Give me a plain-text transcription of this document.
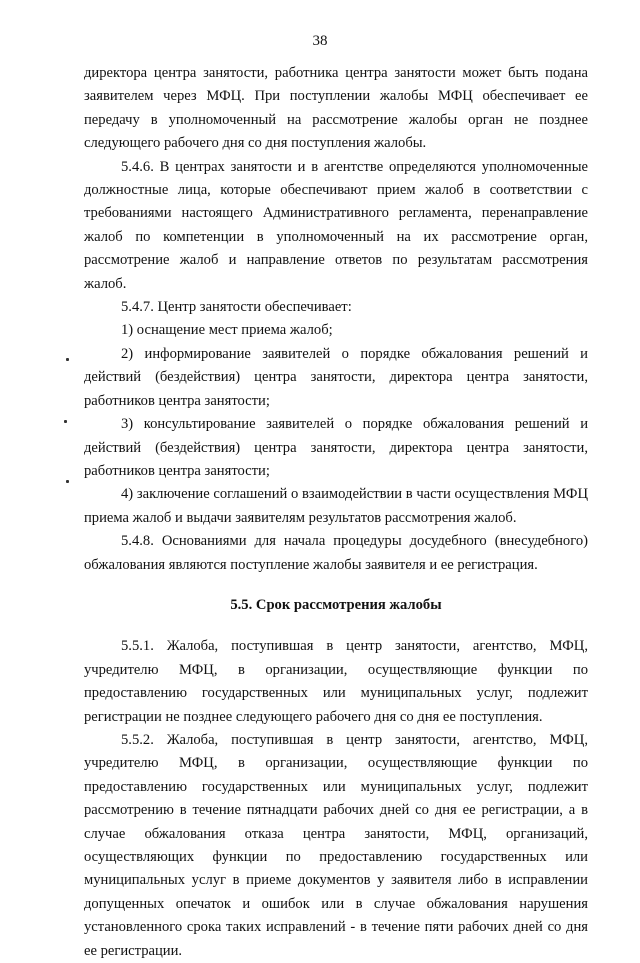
38

директора центра занятости, работника центра занятости может быть подана заявителем через МФЦ. При поступлении жалобы МФЦ обеспечивает ее передачу в уполномоченный на рассмотрение жалобы орган не позднее следующего рабочего дня со дня поступления жалобы.

5.4.6. В центрах занятости и в агентстве определяются уполномоченные должностные лица, которые обеспечивают прием жалоб в соответствии с требованиями настоящего Административного регламента, перенаправление жалоб по компетенции в уполномоченный на их рассмотрение орган, рассмотрение жалоб и направление ответов по результатам рассмотрения жалоб.

5.4.7. Центр занятости обеспечивает:

1) оснащение мест приема жалоб;

2) информирование заявителей о порядке обжалования решений и действий (бездействия) центра занятости, директора центра занятости, работников центра занятости;

3) консультирование заявителей о порядке обжалования решений и действий (бездействия) центра занятости, директора центра занятости, работников центра занятости;

4) заключение соглашений о взаимодействии в части осуществления МФЦ приема жалоб и выдачи заявителям результатов рассмотрения жалоб.

5.4.8. Основаниями для начала процедуры досудебного (внесудебного) обжалования являются поступление жалобы заявителя и ее регистрация.

5.5. Срок рассмотрения жалобы

5.5.1. Жалоба, поступившая в центр занятости, агентство, МФЦ, учредителю МФЦ, в организации, осуществляющие функции по предоставлению государственных или муниципальных услуг, подлежит регистрации не позднее следующего рабочего дня со дня ее поступления.

5.5.2. Жалоба, поступившая в центр занятости, агентство, МФЦ, учредителю МФЦ, в организации, осуществляющие функции по предоставлению государственных или муниципальных услуг, подлежит рассмотрению в течение пятнадцати рабочих дней со дня ее регистрации, а в случае обжалования отказа центра занятости, МФЦ, организаций, осуществляющих функции по предоставлению государственных или муниципальных услуг в приеме документов у заявителя либо в исправлении допущенных опечаток и ошибок или в случае обжалования нарушения установленного срока таких исправлений - в течение пяти рабочих дней со дня ее регистрации.
